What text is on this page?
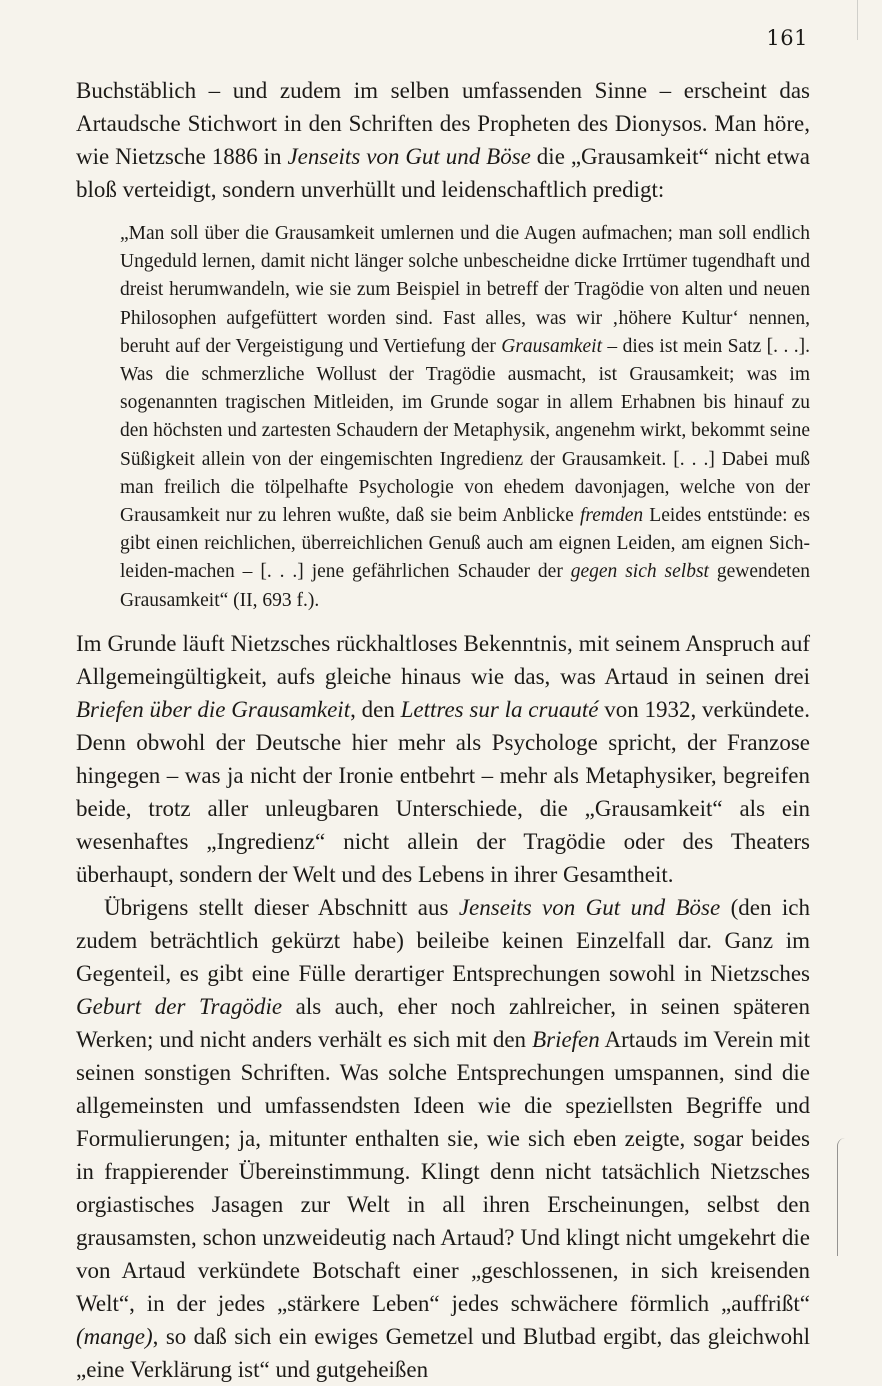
161

Buchstäblich – und zudem im selben umfassenden Sinne – erscheint das Artaudsche Stichwort in den Schriften des Propheten des Dionysos. Man höre, wie Nietzsche 1886 in Jenseits von Gut und Böse die „Grausamkeit“ nicht etwa bloß verteidigt, sondern unverhüllt und leidenschaftlich predigt:

„Man soll über die Grausamkeit umlernen und die Augen aufmachen; man soll endlich Ungeduld lernen, damit nicht länger solche unbescheidne dicke Irrtümer tugendhaft und dreist herumwandeln, wie sie zum Beispiel in betreff der Tragödie von alten und neuen Philosophen aufgefüttert worden sind. Fast alles, was wir ‚höhere Kultur‘ nennen, beruht auf der Vergeistigung und Vertiefung der Grausamkeit – dies ist mein Satz [. . .]. Was die schmerzliche Wollust der Tragödie ausmacht, ist Grausamkeit; was im sogenannten tragischen Mitleiden, im Grunde sogar in allem Erhabnen bis hinauf zu den höchsten und zartesten Schaudern der Metaphysik, angenehm wirkt, bekommt seine Süßigkeit allein von der eingemischten Ingredienz der Grausamkeit. [. . .] Dabei muß man freilich die tölpelhafte Psychologie von ehedem davonjagen, welche von der Grausamkeit nur zu lehren wußte, daß sie beim Anblicke fremden Leides entstünde: es gibt einen reichlichen, überreichlichen Genuß auch am eignen Leiden, am eignen Sich-leiden-machen – [. . .] jene gefährlichen Schauder der gegen sich selbst gewendeten Grausamkeit“ (II, 693 f.).

Im Grunde läuft Nietzsches rückhaltloses Bekenntnis, mit seinem Anspruch auf Allgemeingültigkeit, aufs gleiche hinaus wie das, was Artaud in seinen drei Briefen über die Grausamkeit, den Lettres sur la cruauté von 1932, verkündete. Denn obwohl der Deutsche hier mehr als Psychologe spricht, der Franzose hingegen – was ja nicht der Ironie entbehrt – mehr als Metaphysiker, begreifen beide, trotz aller unleugbaren Unterschiede, die „Grausamkeit“ als ein wesenhaftes „Ingredienz“ nicht allein der Tragödie oder des Theaters überhaupt, sondern der Welt und des Lebens in ihrer Gesamtheit.

Übrigens stellt dieser Abschnitt aus Jenseits von Gut und Böse (den ich zudem beträchtlich gekürzt habe) beileibe keinen Einzelfall dar. Ganz im Gegenteil, es gibt eine Fülle derartiger Entsprechungen sowohl in Nietzsches Geburt der Tragödie als auch, eher noch zahlreicher, in seinen späteren Werken; und nicht anders verhält es sich mit den Briefen Artauds im Verein mit seinen sonstigen Schriften. Was solche Entsprechungen umspannen, sind die allgemeinsten und umfassendsten Ideen wie die speziellsten Begriffe und Formulierungen; ja, mitunter enthalten sie, wie sich eben zeigte, sogar beides in frappierender Übereinstimmung. Klingt denn nicht tatsächlich Nietzsches orgiastisches Jasagen zur Welt in all ihren Erscheinungen, selbst den grausamsten, schon unzweideutig nach Artaud? Und klingt nicht umgekehrt die von Artaud verkündete Botschaft einer „geschlossenen, in sich kreisenden Welt“, in der jedes „stärkere Leben“ jedes schwächere förmlich „auffrißt“ (mange), so daß sich ein ewiges Gemetzel und Blutbad ergibt, das gleichwohl „eine Verklärung ist“ und gutgeheißen
